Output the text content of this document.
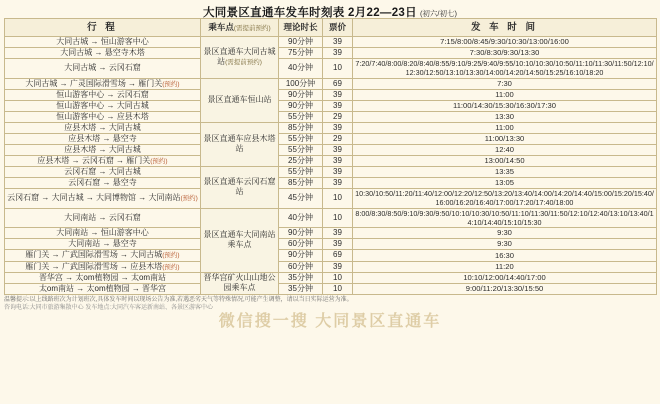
大同景区直通车发车时刻表 2月22—23日 (初六/初七)
行 程	乘车点(需提前预约)	理论时长	票价	发 车 时 间
大同古城 → 恒山游客中心	景区直通车大同古城站(需提前预约)	90分钟	39	7:15/8:00/8:45/9:30/10:30/13:00/16:00
大同古城 → 悬空寺木塔		75分钟	39	7:30/8:30/9:30/13:30
大同古城 → 云冈石窟		40分钟	10	7:20/7:40/8:00/8:20/8:40/8:55/9:10/9:25/9:40/9:55/10:10/10:30/10:50/11:10/11:30/11:50/12:10/12:30/12:50/13:10/13:30/14:00/14:20/14:50/15:25/16:10/18:20
大同古城 → 广灵国际滑雪场 → 雁门关(预约)	景区直通车恒山站	100分钟	69	7:30
恒山游客中心 → 云冈石窟		90分钟	39	11:00
恒山游客中心 → 大同古城		90分钟	39	11:00/14:30/15:30/16:30/17:30
恒山游客中心 → 应县木塔		55分钟	29	13:30
应县木塔 → 大同古城	景区直通车应县木塔站	85分钟	39	11:00
应县木塔 → 悬空寺		55分钟	29	11:00/13:30
应县木塔 → 大同古城		55分钟	39	12:40
应县木塔 → 云冈石窟 → 雁门关(预约)		25分钟	39	13:00/14:50
云冈石窟 → 大同古城	景区直通车云冈石窟站	55分钟	39	13:35
云冈石窟 → 悬空寺		85分钟	39	13:05
云冈石窟 → 大同古城 → 大同博物馆 → 大同南站(预约)		45分钟	10	10:30/10:50/11:20/11:40/12:00/12:20/12:50/13:20/13:40/14:00/14:20/14:40/15:00/15:20/15:40/16:00/16:20/16:40/17:00/17:20/17:40/18:00
大同南站 → 云冈石窟	景区直通车大同南站乘车点	40分钟	10	8:00/8:30/8:50/9:10/9:30/9:50/10:10/10:30/10:50/11:10/11:30/11:50/12:10/12:40/13:10/13:40/14:10/14:40/15:10/15:30
大同南站 → 恒山游客中心		90分钟	39	9:30
大同南站 → 悬空寺		60分钟	39	9:30
雁门关 → 广武国际滑雪场 → 大同古城(预约)		90分钟	69	16:30
雁门关 → 广武国际滑雪场 → 应县木塔(预约)		60分钟	39	11:20
晋华宫 → 太om植物园 → 太om南站	晋华宫矿火山山地公园乘车点	35分钟	10	10:10/12:00/14:40/17:00
太om南站 → 太om植物园 → 晋华宫		35分钟	10	9:00/11:20/13:30/15:50
温馨提示:以上线路班次为计划班次,具体发车时间以现场公告为准,若遇恶劣天气等特殊情况,可能产生调整，请以当日实际运营为准。
咨询电话:大同市旅游集散中心 发车地点:大同汽车客运新南站、各景区游客中心
微信搜一搜 大同景区直通车
